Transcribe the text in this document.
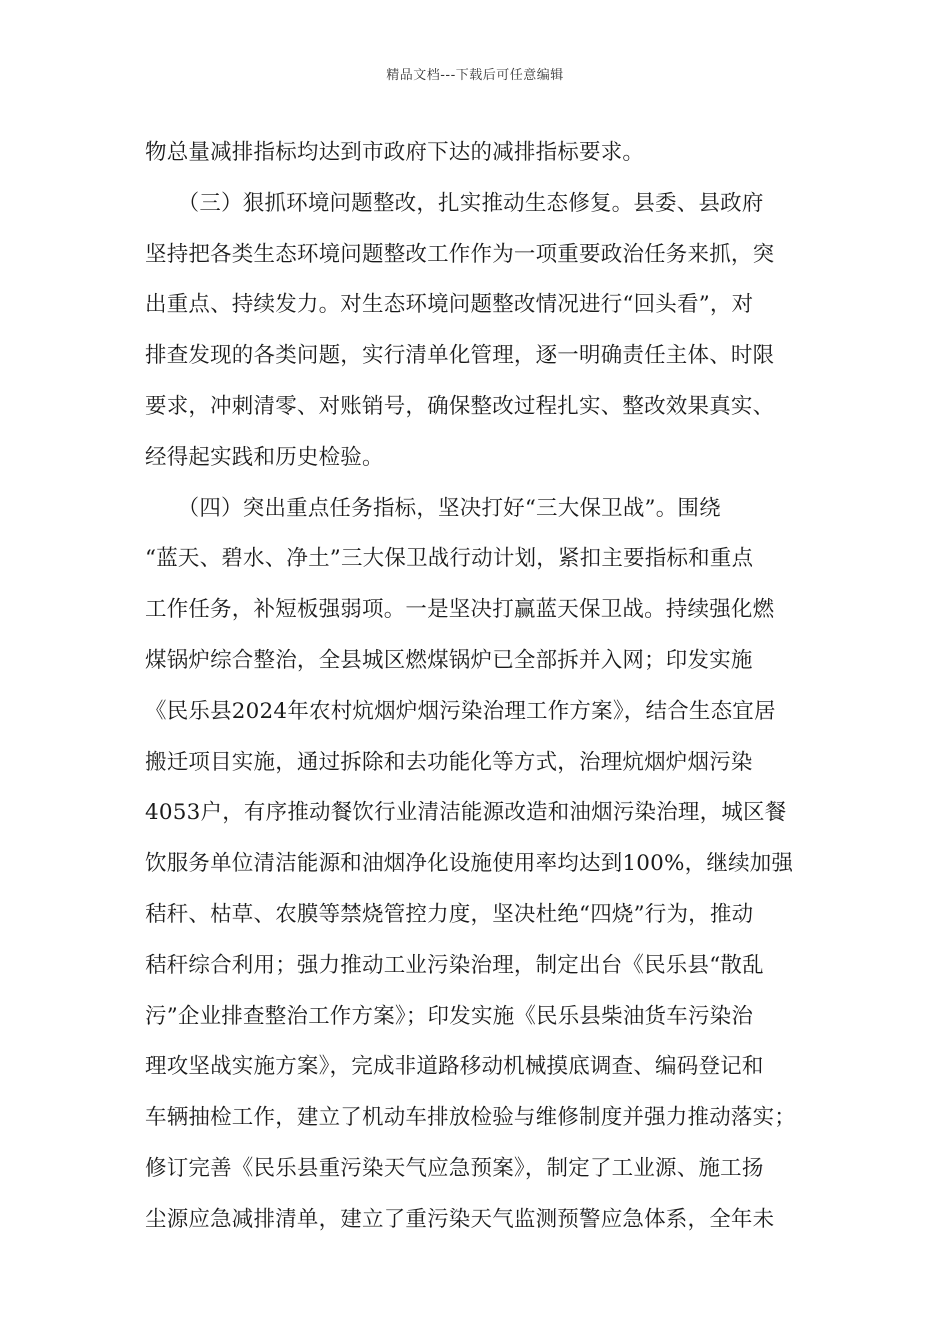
精品文档---下载后可任意编辑
物总量减排指标均达到市政府下达的减排指标要求。
　　（三）狠抓环境问题整改，扎实推动生态修复。县委、县政府
坚持把各类生态环境问题整改工作作为一项重要政治任务来抓，突
出重点、持续发力。对生态环境问题整改情况进行“回头看”，对
排查发现的各类问题，实行清单化管理，逐一明确责任主体、时限
要求，冲刺清零、对账销号，确保整改过程扎实、整改效果真实、
经得起实践和历史检验。
　　（四）突出重点任务指标，坚决打好“三大保卫战”。围绕
“蓝天、碧水、净土”三大保卫战行动计划，紧扣主要指标和重点
工作任务，补短板强弱项。一是坚决打赢蓝天保卫战。持续强化燃
煤锅炉综合整治，全县城区燃煤锅炉已全部拆并入网；印发实施
《民乐县2024年农村炕烟炉烟污染治理工作方案》，结合生态宜居
搬迁项目实施，通过拆除和去功能化等方式，治理炕烟炉烟污染
4053户，有序推动餐饮行业清洁能源改造和油烟污染治理，城区餐
饮服务单位清洁能源和油烟净化设施使用率均达到100%，继续加强
秸秆、枯草、农膜等禁烧管控力度，坚决杜绝“四烧”行为，推动
秸秆综合利用；强力推动工业污染治理，制定出台《民乐县“散乱
污”企业排查整治工作方案》；印发实施《民乐县柴油货车污染治
理攻坚战实施方案》，完成非道路移动机械摸底调查、编码登记和
车辆抽检工作，建立了机动车排放检验与维修制度并强力推动落实；
修订完善《民乐县重污染天气应急预案》，制定了工业源、施工扬
尘源应急减排清单，建立了重污染天气监测预警应急体系，全年未
